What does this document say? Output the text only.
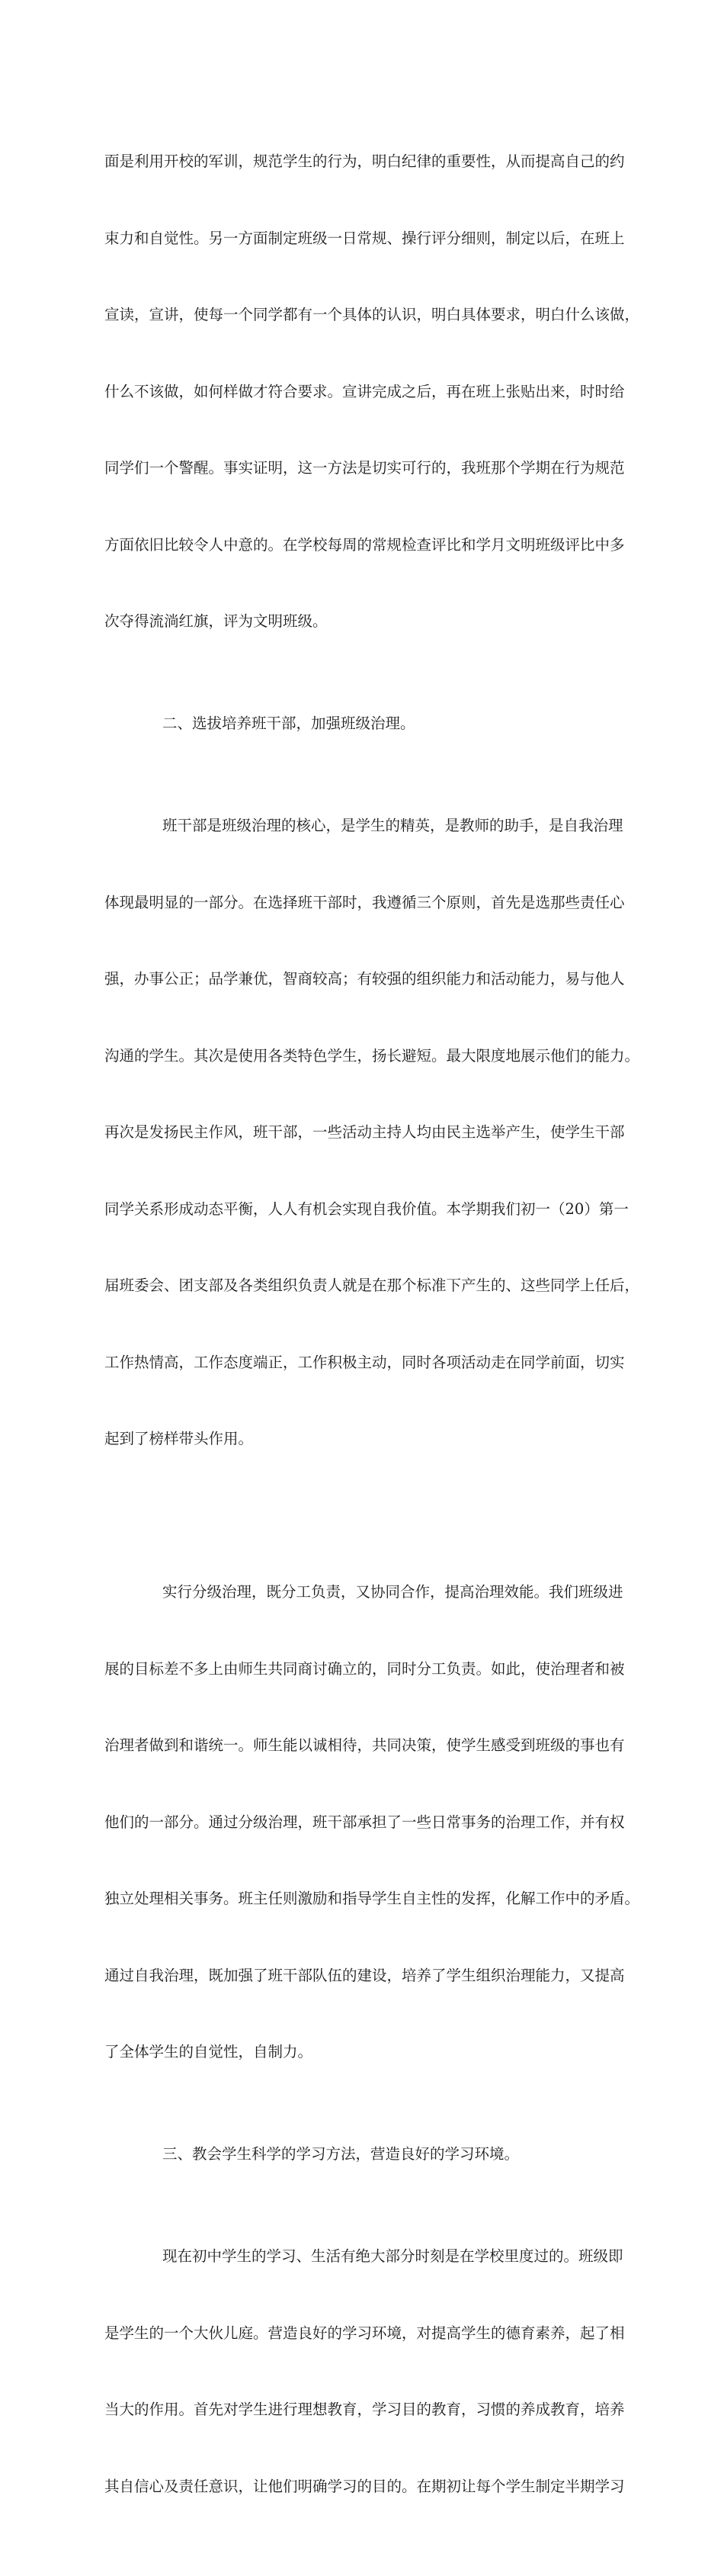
面是利用开校的军训，规范学生的行为，明白纪律的重要性，从而提高自己的约

束力和自觉性。另一方面制定班级一日常规、操行评分细则，制定以后，在班上

宣读，宣讲，使每一个同学都有一个具体的认识，明白具体要求，明白什么该做，

什么不该做，如何样做才符合要求。宣讲完成之后，再在班上张贴出来，时时给

同学们一个警醒。事实证明，这一方法是切实可行的，我班那个学期在行为规范

方面依旧比较令人中意的。在学校每周的常规检查评比和学月文明班级评比中多

次夺得流淌红旗，评为文明班级。

二、选拔培养班干部，加强班级治理。

班干部是班级治理的核心，是学生的精英，是教师的助手，是自我治理

体现最明显的一部分。在选择班干部时，我遵循三个原则，首先是选那些责任心

强，办事公正；品学兼优，智商较高；有较强的组织能力和活动能力，易与他人

沟通的学生。其次是使用各类特色学生，扬长避短。最大限度地展示他们的能力。

再次是发扬民主作风，班干部，一些活动主持人均由民主选举产生，使学生干部

同学关系形成动态平衡，人人有机会实现自我价值。本学期我们初一（20）第一

届班委会、团支部及各类组织负责人就是在那个标准下产生的、这些同学上任后，

工作热情高，工作态度端正，工作积极主动，同时各项活动走在同学前面，切实

起到了榜样带头作用。

实行分级治理，既分工负责，又协同合作，提高治理效能。我们班级进

展的目标差不多上由师生共同商讨确立的，同时分工负责。如此，使治理者和被

治理者做到和谐统一。师生能以诚相待，共同决策，使学生感受到班级的事也有

他们的一部分。通过分级治理，班干部承担了一些日常事务的治理工作，并有权

独立处理相关事务。班主任则激励和指导学生自主性的发挥，化解工作中的矛盾。

通过自我治理，既加强了班干部队伍的建设，培养了学生组织治理能力，又提高

了全体学生的自觉性，自制力。

三、教会学生科学的学习方法，营造良好的学习环境。

现在初中学生的学习、生活有绝大部分时刻是在学校里度过的。班级即

是学生的一个大伙儿庭。营造良好的学习环境，对提高学生的德育素养，起了相

当大的作用。首先对学生进行理想教育，学习目的教育，习惯的养成教育，培养

其自信心及责任意识，让他们明确学习的目的。在期初让每个学生制定半期学习
